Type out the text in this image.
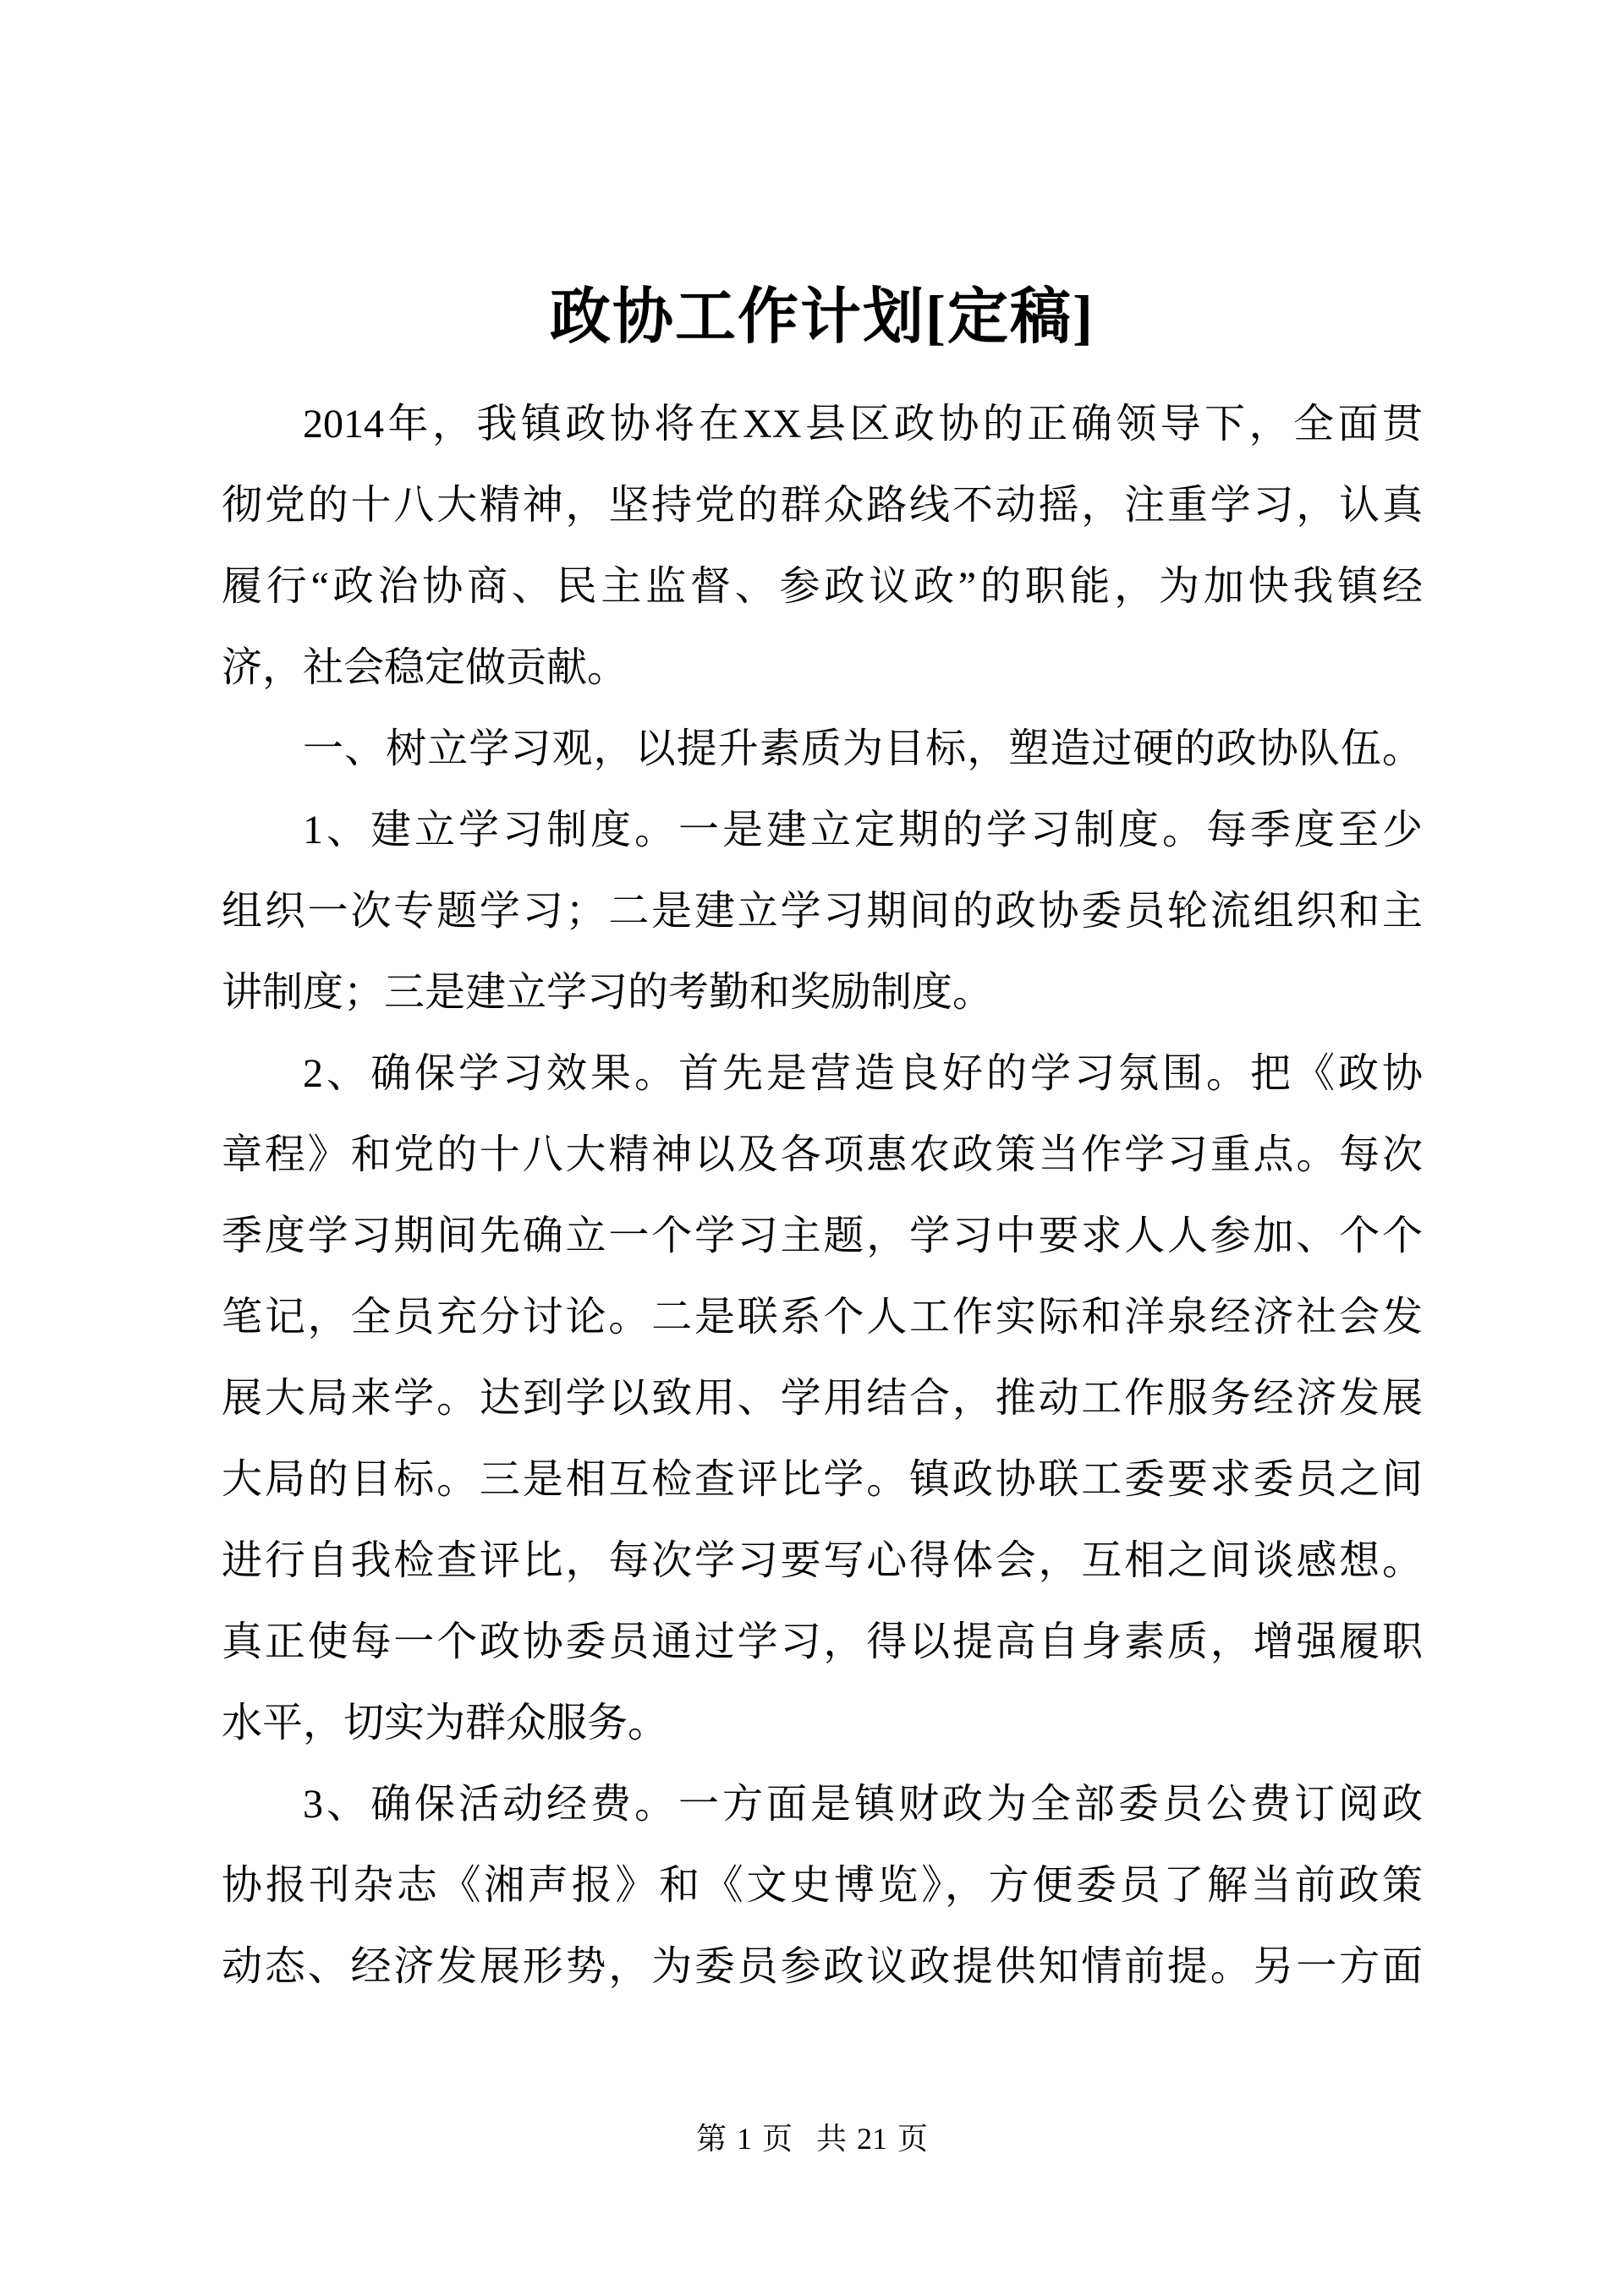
政协工作计划[定稿]
2014年，我镇政协将在XX县区政协的正确领导下，全面贯
彻党的十八大精神，坚持党的群众路线不动摇，注重学习，认真
履行“政治协商、民主监督、参政议政”的职能，为加快我镇经
济，社会稳定做贡献。
一、树立学习观，以提升素质为目标，塑造过硬的政协队伍。
1、建立学习制度。一是建立定期的学习制度。每季度至少
组织一次专题学习；二是建立学习期间的政协委员轮流组织和主
讲制度；三是建立学习的考勤和奖励制度。
2、确保学习效果。首先是营造良好的学习氛围。把《政协
章程》和党的十八大精神以及各项惠农政策当作学习重点。每次
季度学习期间先确立一个学习主题，学习中要求人人参加、个个
笔记，全员充分讨论。二是联系个人工作实际和洋泉经济社会发
展大局来学。达到学以致用、学用结合，推动工作服务经济发展
大局的目标。三是相互检查评比学。镇政协联工委要求委员之间
进行自我检查评比，每次学习要写心得体会，互相之间谈感想。
真正使每一个政协委员通过学习，得以提高自身素质，增强履职
水平，切实为群众服务。
3、确保活动经费。一方面是镇财政为全部委员公费订阅政
协报刊杂志《湘声报》和《文史博览》，方便委员了解当前政策
动态、经济发展形势，为委员参政议政提供知情前提。另一方面
第 1 页 共 21 页
